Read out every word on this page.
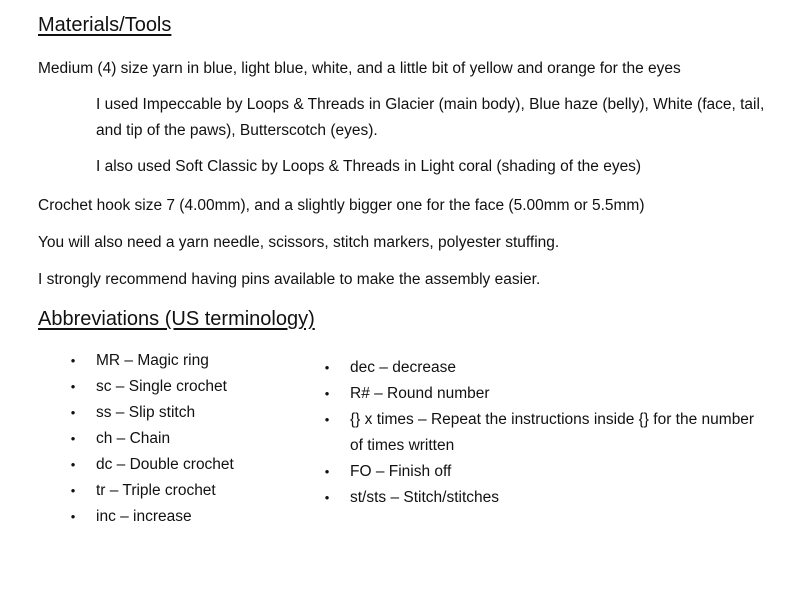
Materials/Tools

Medium (4) size yarn in blue, light blue, white, and a little bit of yellow and orange for the eyes

I used Impeccable by Loops & Threads in Glacier (main body), Blue haze (belly), White (face, tail, and tip of the paws), Butterscotch (eyes).

I also used Soft Classic by Loops & Threads in Light coral (shading of the eyes)

Crochet hook size 7 (4.00mm), and a slightly bigger one for the face (5.00mm or 5.5mm)

You will also need a yarn needle, scissors, stitch markers, polyester stuffing.

I strongly recommend having pins available to make the assembly easier.

Abbreviations (US terminology)
•	MR – Magic ring
•	sc – Single crochet
•	ss – Slip stitch
•	ch – Chain
•	dc – Double crochet
•	tr – Triple crochet
•	inc – increase
•	dec – decrease
•	R# – Round number
•	{} x times – Repeat the instructions inside {} for the number of times written
•	FO – Finish off
•	st/sts – Stitch/stitches
